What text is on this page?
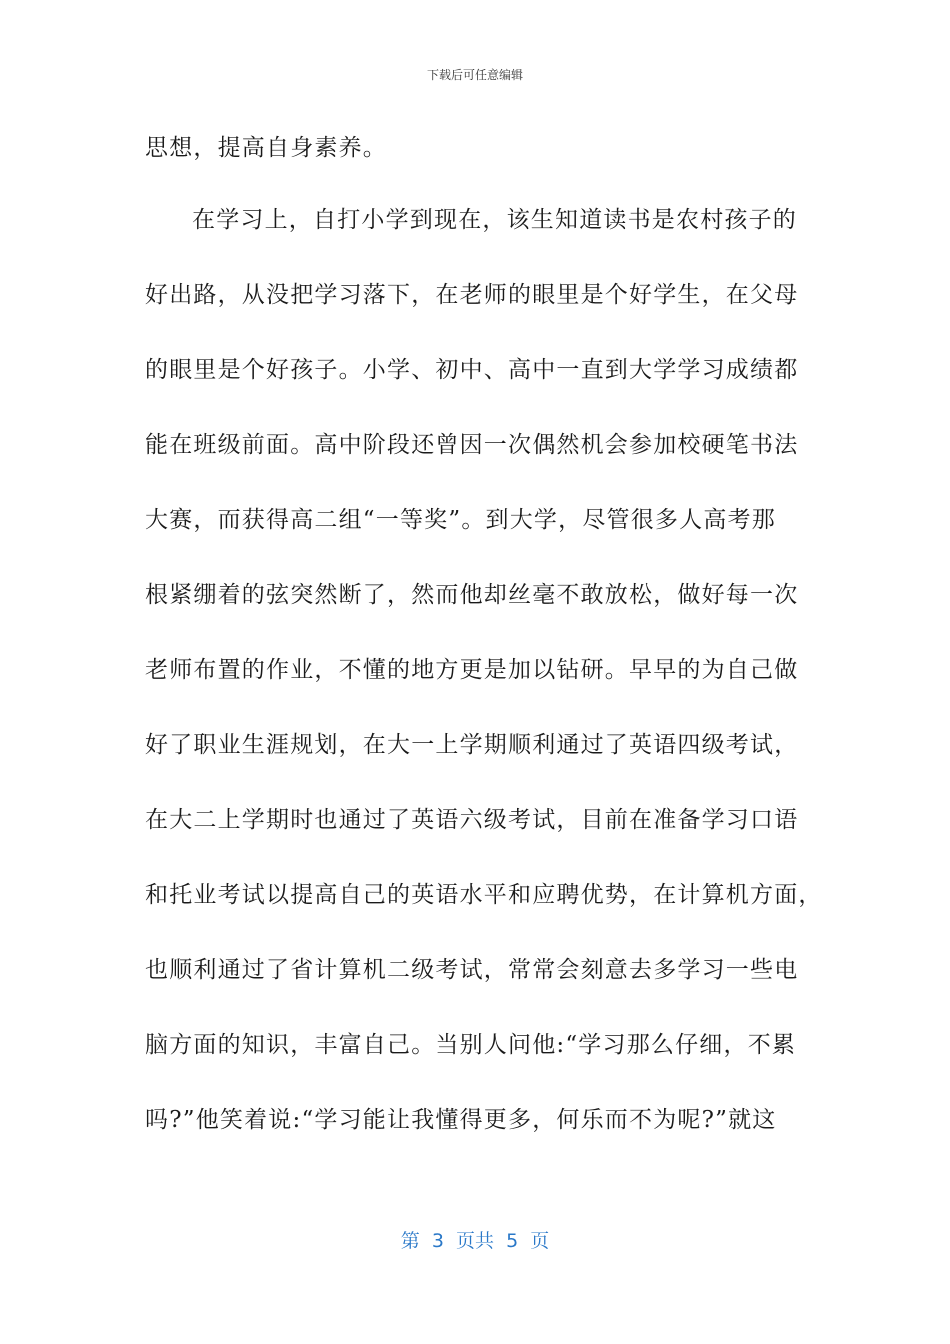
下载后可任意编辑
思想，提高自身素养。
在学习上，自打小学到现在，该生知道读书是农村孩子的
好出路，从没把学习落下，在老师的眼里是个好学生，在父母
的眼里是个好孩子。小学、初中、高中一直到大学学习成绩都
能在班级前面。高中阶段还曾因一次偶然机会参加校硬笔书法
大赛，而获得高二组“一等奖”。到大学，尽管很多人高考那
根紧绷着的弦突然断了，然而他却丝毫不敢放松，做好每一次
老师布置的作业，不懂的地方更是加以钻研。早早的为自己做
好了职业生涯规划，在大一上学期顺利通过了英语四级考试，
在大二上学期时也通过了英语六级考试，目前在准备学习口语
和托业考试以提高自己的英语水平和应聘优势，在计算机方面，
也顺利通过了省计算机二级考试，常常会刻意去多学习一些电
脑方面的知识，丰富自己。当别人问他:“学习那么仔细，不累
吗?”他笑着说:“学习能让我懂得更多，何乐而不为呢?”就这
第  3  页共  5  页
